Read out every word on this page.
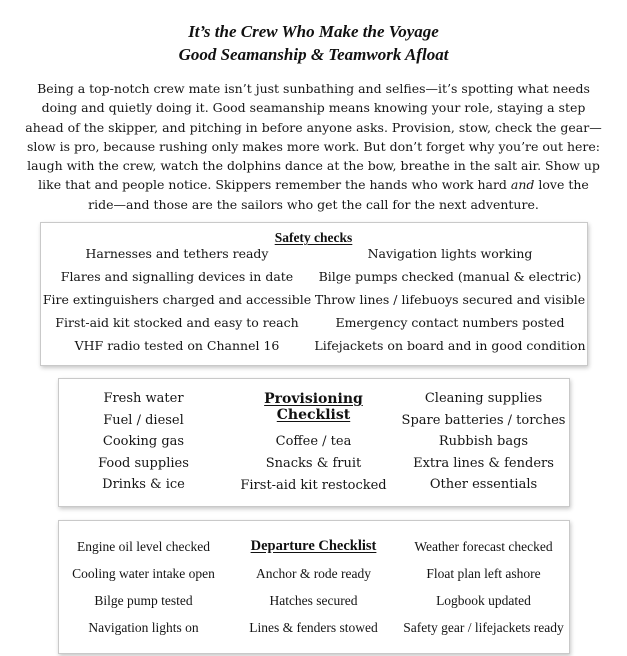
It’s the Crew Who Make the Voyage
Good Seamanship & Teamwork Afloat

Being a top-notch crew mate isn’t just sunbathing and selfies—it’s spotting what needs doing and quietly doing it. Good seamanship means knowing your role, staying a step ahead of the skipper, and pitching in before anyone asks. Provision, stow, check the gear—slow is pro, because rushing only makes more work. But don’t forget why you’re out here: laugh with the crew, watch the dolphins dance at the bow, breathe in the salt air. Show up like that and people notice. Skippers remember the hands who work hard and love the ride—and those are the sailors who get the call for the next adventure.

Safety checks
Harnesses and tethers ready
Flares and signalling devices in date
Fire extinguishers charged and accessible
First-aid kit stocked and easy to reach
VHF radio tested on Channel 16
Navigation lights working
Bilge pumps checked (manual & electric)
Throw lines / lifebuoys secured and visible
Emergency contact numbers posted
Lifejackets on board and in good condition
Fresh water
Fuel / diesel
Cooking gas
Food supplies
Drinks & ice
Provisioning Checklist
Coffee / tea
Snacks & fruit
First-aid kit restocked
Cleaning supplies
Spare batteries / torches
Rubbish bags
Extra lines & fenders
Other essentials
Engine oil level checked
Cooling water intake open
Bilge pump tested
Navigation lights on
Departure Checklist
Anchor & rode ready
Hatches secured
Lines & fenders stowed
Weather forecast checked
Float plan left ashore
Logbook updated
Safety gear / lifejackets ready
